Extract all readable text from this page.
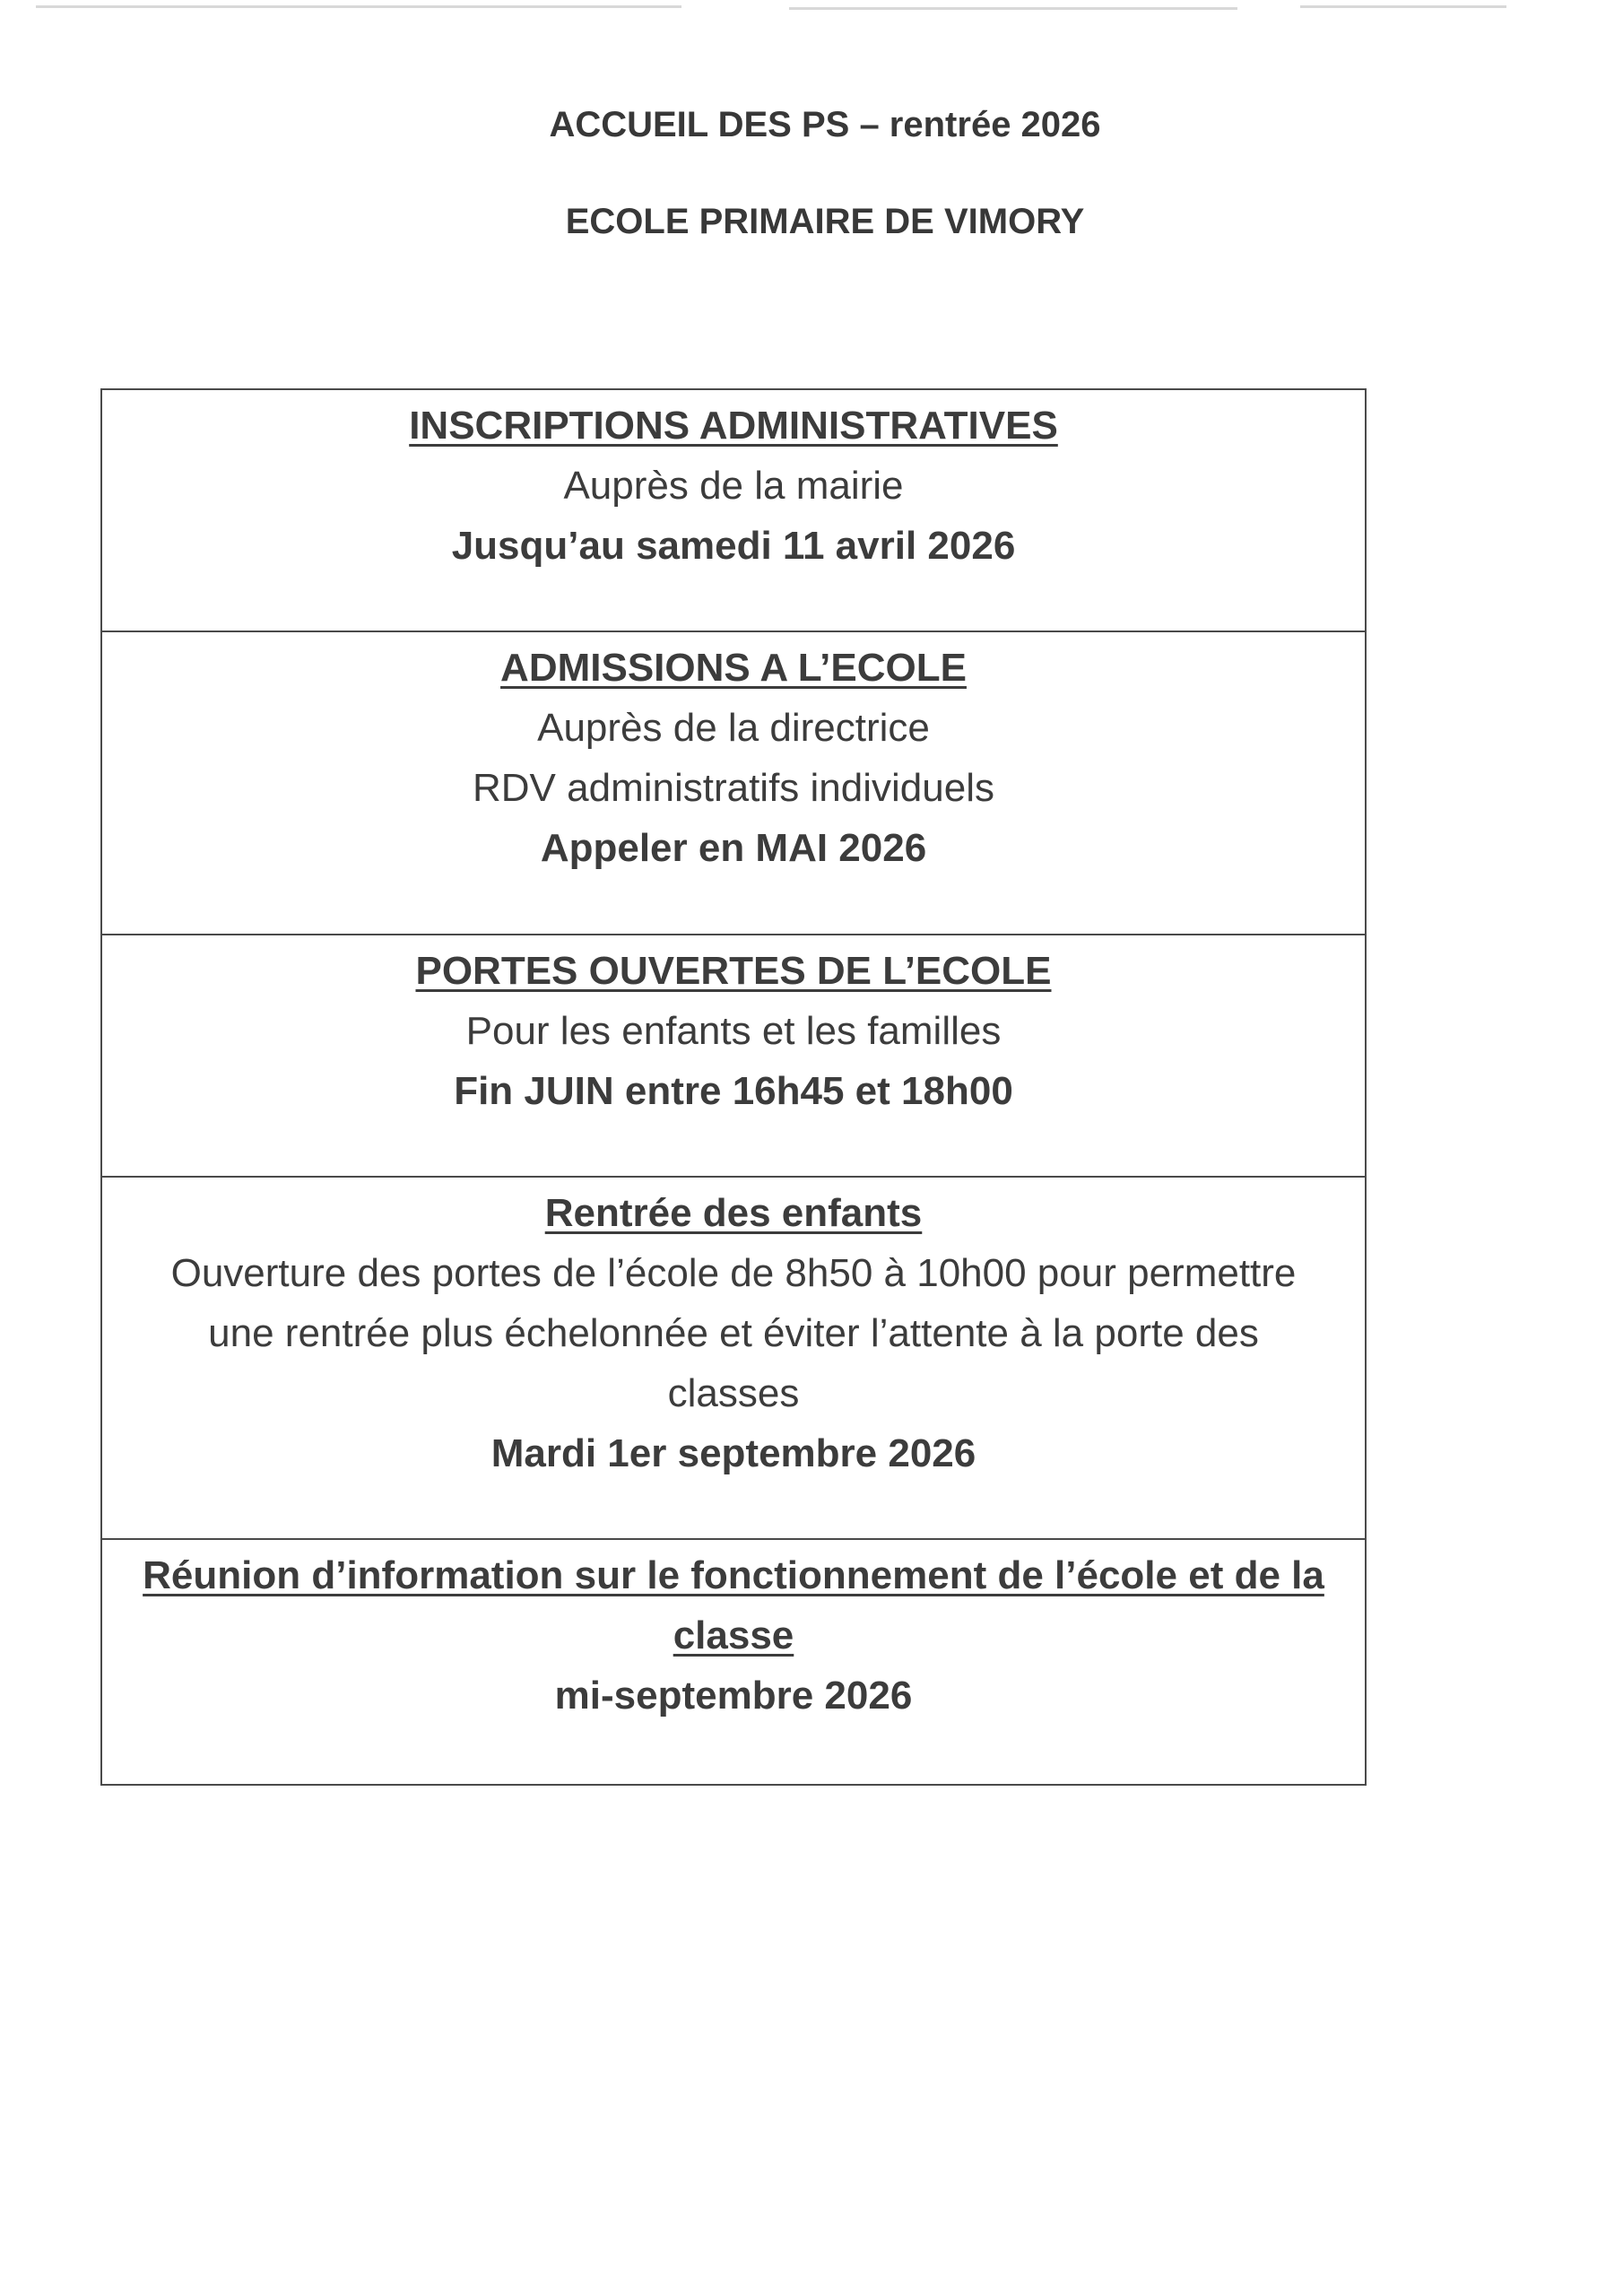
ACCUEIL DES PS – rentrée 2026
ECOLE PRIMAIRE DE VIMORY
INSCRIPTIONS ADMINISTRATIVES
Auprès de la mairie
Jusqu’au samedi 11 avril 2026
ADMISSIONS A L’ECOLE
Auprès de la directrice
RDV administratifs individuels
Appeler en MAI 2026
PORTES OUVERTES DE L’ECOLE
Pour les enfants et les familles
Fin JUIN entre 16h45 et 18h00
Rentrée des enfants
Ouverture des portes de l’école de 8h50 à 10h00 pour permettre une rentrée plus échelonnée et éviter l’attente à la porte des classes
Mardi 1er septembre 2026
Réunion d’information sur le fonctionnement de l’école et de la classe
mi-septembre 2026
